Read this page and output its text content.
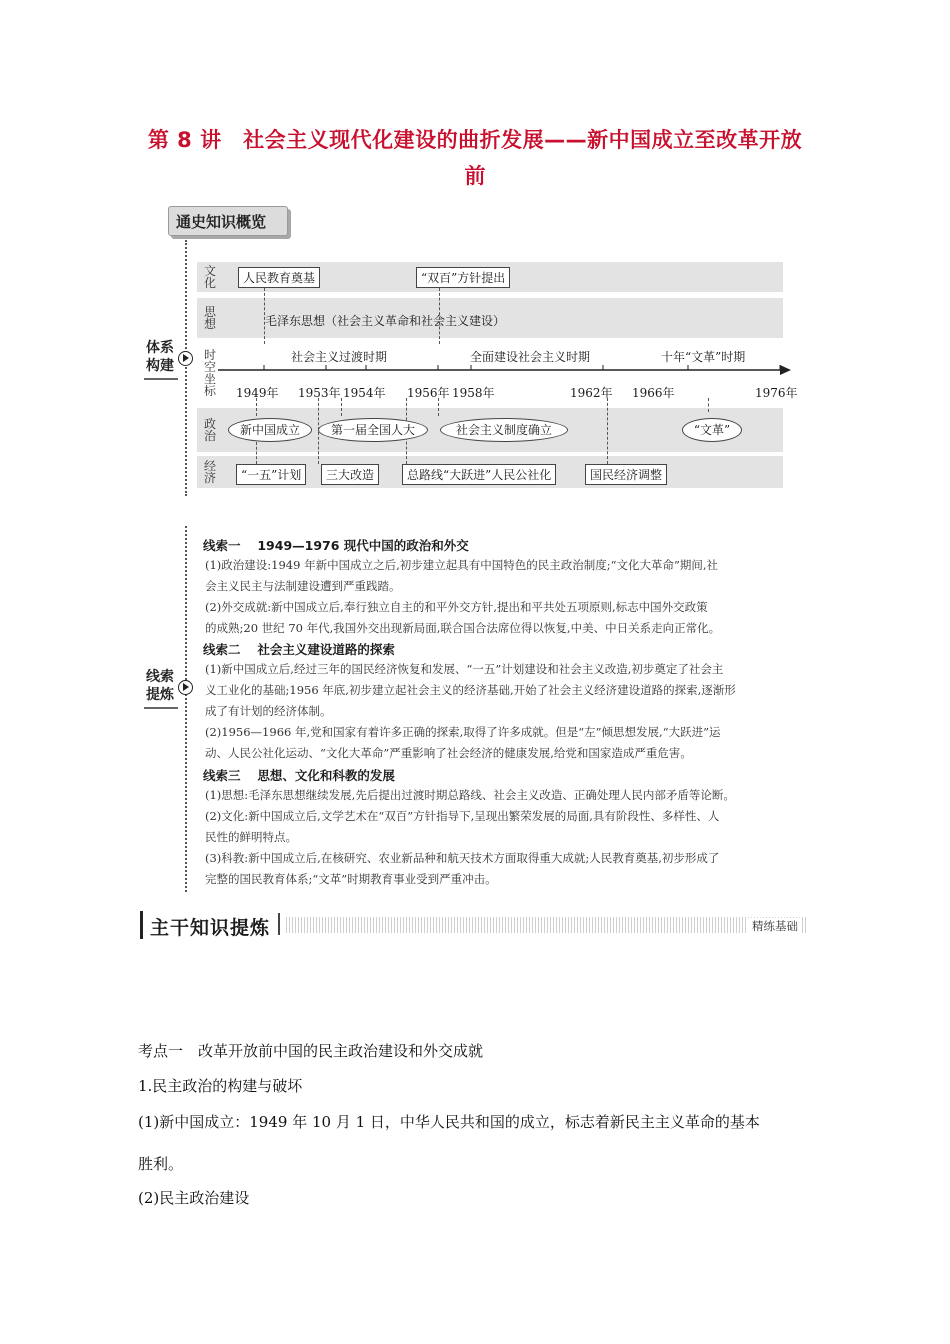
第 8 讲　社会主义现代化建设的曲折发展——新中国成立至改革开放
前
通史知识概览
体系构建
文化
思想
时空坐标
政治
经济
人民教育奠基	“双百”方针提出
毛泽东思想（社会主义革命和社会主义建设）
社会主义过渡时期	全面建设社会主义时期	十年“文革”时期
1949年 1953年 1954年 1956年 1958年	1962年 1966年	1976年
新中国成立	第一届全国人大	社会主义制度确立	“文革”
“一五”计划	三大改造	总路线“大跃进”人民公社化	国民经济调整
线索提炼
线索一　 1949—1976 现代中国的政治和外交
(1)政治建设:1949 年新中国成立之后,初步建立起具有中国特色的民主政治制度;“文化大革命”期间,社
会主义民主与法制建设遭到严重践踏。
(2)外交成就:新中国成立后,奉行独立自主的和平外交方针,提出和平共处五项原则,标志中国外交政策
的成熟;20 世纪 70 年代,我国外交出现新局面,联合国合法席位得以恢复,中美、中日关系走向正常化。
线索二　 社会主义建设道路的探索
(1)新中国成立后,经过三年的国民经济恢复和发展、“一五”计划建设和社会主义改造,初步奠定了社会主
义工业化的基础;1956 年底,初步建立起社会主义的经济基础,开始了社会主义经济建设道路的探索,逐渐形
成了有计划的经济体制。
(2)1956—1966 年,党和国家有着许多正确的探索,取得了许多成就。但是“左”倾思想发展,“大跃进”运
动、人民公社化运动、“文化大革命”严重影响了社会经济的健康发展,给党和国家造成严重危害。
线索三　 思想、文化和科教的发展
(1)思想:毛泽东思想继续发展,先后提出过渡时期总路线、社会主义改造、正确处理人民内部矛盾等论断。
(2)文化:新中国成立后,文学艺术在“双百”方针指导下,呈现出繁荣发展的局面,具有阶段性、多样性、人
民性的鲜明特点。
(3)科教:新中国成立后,在核研究、农业新品种和航天技术方面取得重大成就;人民教育奠基,初步形成了
完整的国民教育体系;“文革”时期教育事业受到严重冲击。
主干知识提炼	精练基础
考点一　改革开放前中国的民主政治建设和外交成就
1.民主政治的构建与破坏
(1)新中国成立：1949 年 10 月 1 日，中华人民共和国的成立，标志着新民主主义革命的基本
胜利。
(2)民主政治建设
